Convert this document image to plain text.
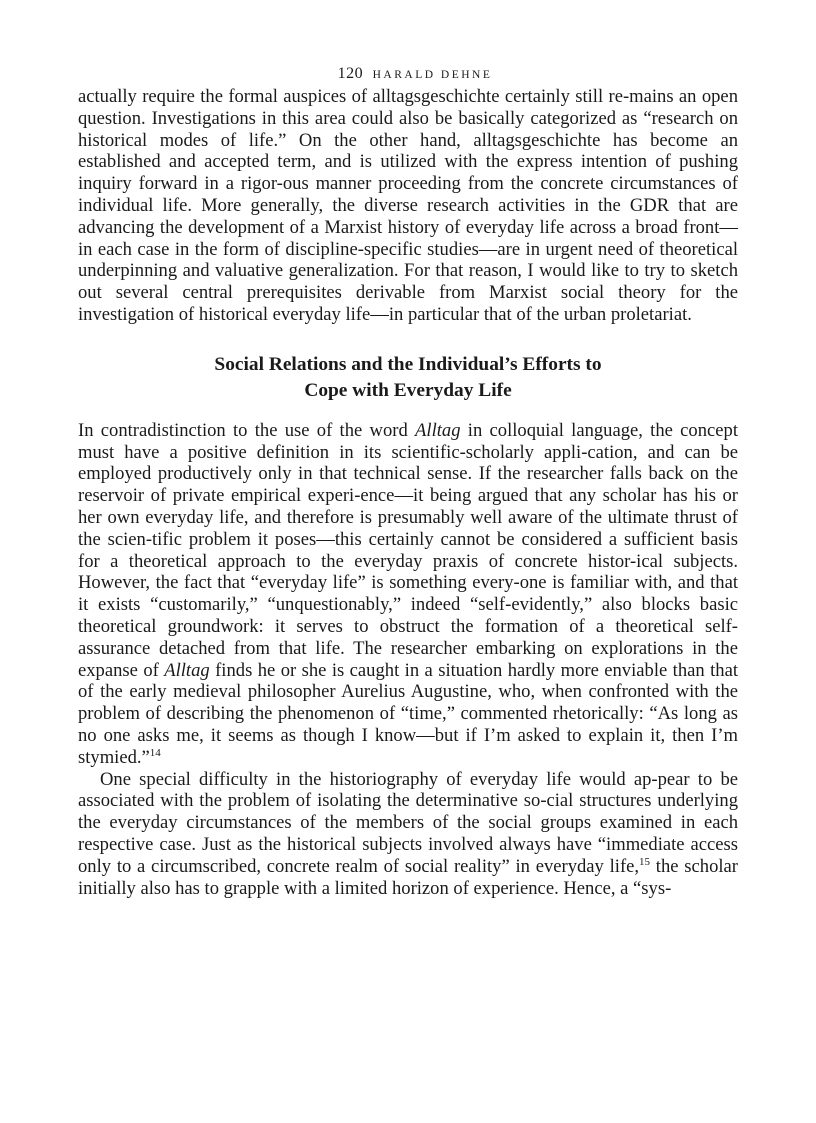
120 HARALD DEHNE

actually require the formal auspices of alltagsgeschichte certainly still re-mains an open question. Investigations in this area could also be basically categorized as “research on historical modes of life.” On the other hand, alltagsgeschichte has become an established and accepted term, and is utilized with the express intention of pushing inquiry forward in a rigor-ous manner proceeding from the concrete circumstances of individual life. More generally, the diverse research activities in the GDR that are advancing the development of a Marxist history of everyday life across a broad front—in each case in the form of discipline-specific studies—are in urgent need of theoretical underpinning and valuative generalization. For that reason, I would like to try to sketch out several central prerequisites derivable from Marxist social theory for the investigation of historical everyday life—in particular that of the urban proletariat.

Social Relations and the Individual’s Efforts to
Cope with Everyday Life

In contradistinction to the use of the word Alltag in colloquial language, the concept must have a positive definition in its scientific-scholarly appli-cation, and can be employed productively only in that technical sense. If the researcher falls back on the reservoir of private empirical experi-ence—it being argued that any scholar has his or her own everyday life, and therefore is presumably well aware of the ultimate thrust of the scien-tific problem it poses—this certainly cannot be considered a sufficient basis for a theoretical approach to the everyday praxis of concrete histor-ical subjects. However, the fact that “everyday life” is something every-one is familiar with, and that it exists “customarily,” “unquestionably,” indeed “self-evidently,” also blocks basic theoretical groundwork: it serves to obstruct the formation of a theoretical self-assurance detached from that life. The researcher embarking on explorations in the expanse of Alltag finds he or she is caught in a situation hardly more enviable than that of the early medieval philosopher Aurelius Augustine, who, when confronted with the problem of describing the phenomenon of “time,” commented rhetorically: “As long as no one asks me, it seems as though I know—but if I’m asked to explain it, then I’m stymied.”$^{14}$

One special difficulty in the historiography of everyday life would ap-pear to be associated with the problem of isolating the determinative so-cial structures underlying the everyday circumstances of the members of the social groups examined in each respective case. Just as the historical subjects involved always have “immediate access only to a circumscribed, concrete realm of social reality” in everyday life,$^{15}$ the scholar initially also has to grapple with a limited horizon of experience. Hence, a “sys-
